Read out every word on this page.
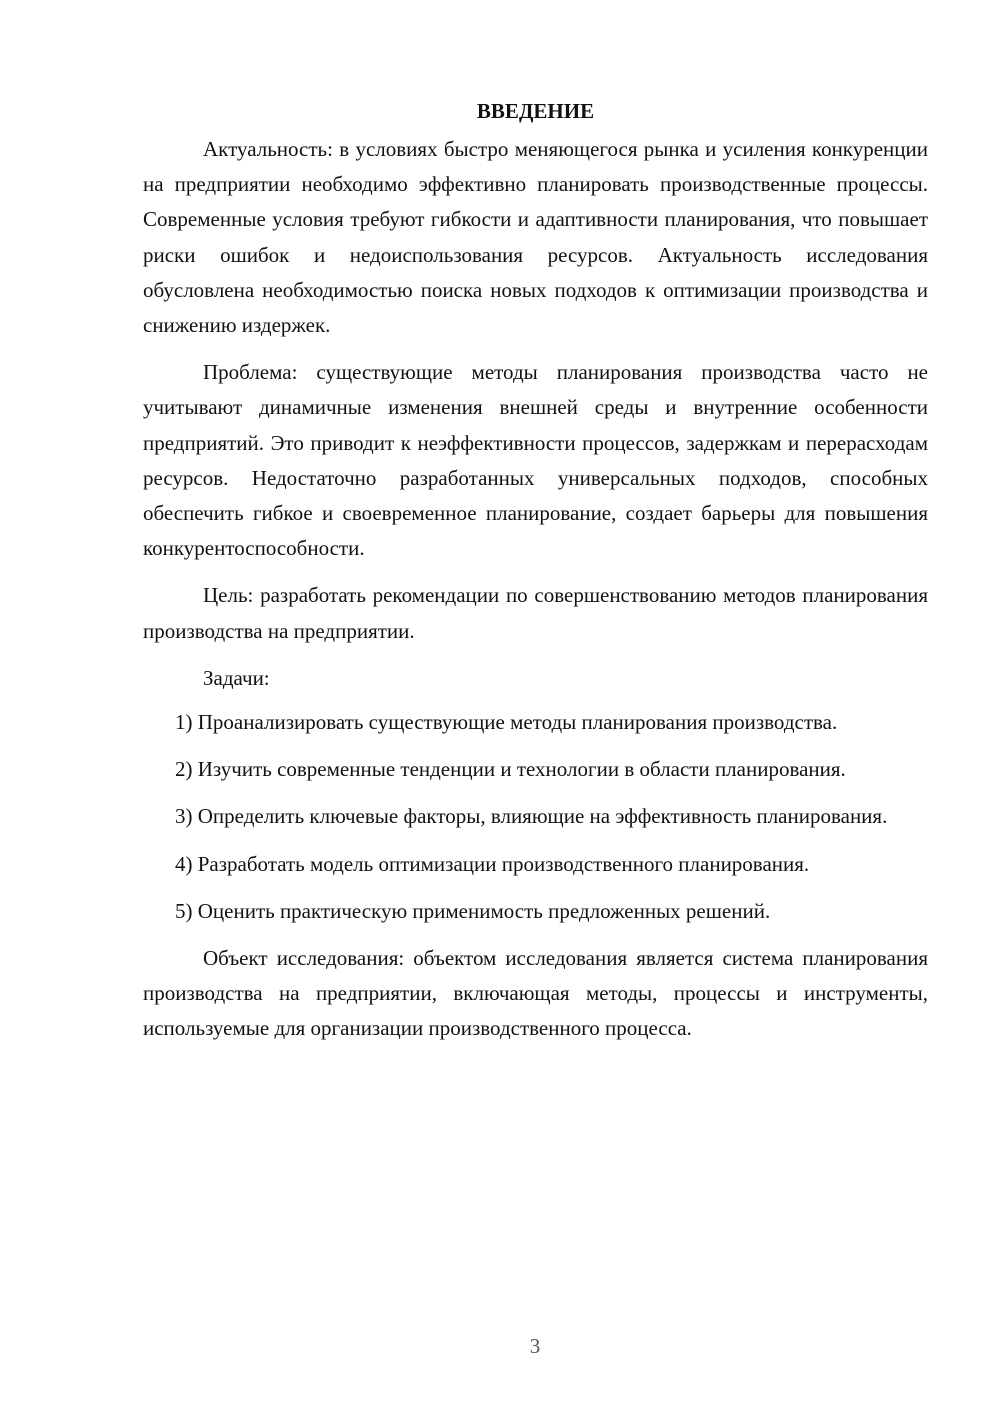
ВВЕДЕНИЕ

Актуальность: в условиях быстро меняющегося рынка и усиления конкуренции на предприятии необходимо эффективно планировать производственные процессы. Современные условия требуют гибкости и адаптивности планирования, что повышает риски ошибок и недоиспользования ресурсов. Актуальность исследования обусловлена необходимостью поиска новых подходов к оптимизации производства и снижению издержек.

Проблема: существующие методы планирования производства часто не учитывают динамичные изменения внешней среды и внутренние особенности предприятий. Это приводит к неэффективности процессов, задержкам и перерасходам ресурсов. Недостаточно разработанных универсальных подходов, способных обеспечить гибкое и своевременное планирование, создает барьеры для повышения конкурентоспособности.

Цель: разработать рекомендации по совершенствованию методов планирования производства на предприятии.

Задачи:

1) Проанализировать существующие методы планирования производства.

2) Изучить современные тенденции и технологии в области планирования.

3) Определить ключевые факторы, влияющие на эффективность планирования.

4) Разработать модель оптимизации производственного планирования.

5) Оценить практическую применимость предложенных решений.

Объект исследования: объектом исследования является система планирования производства на предприятии, включающая методы, процессы и инструменты, используемые для организации производственного процесса.

3
